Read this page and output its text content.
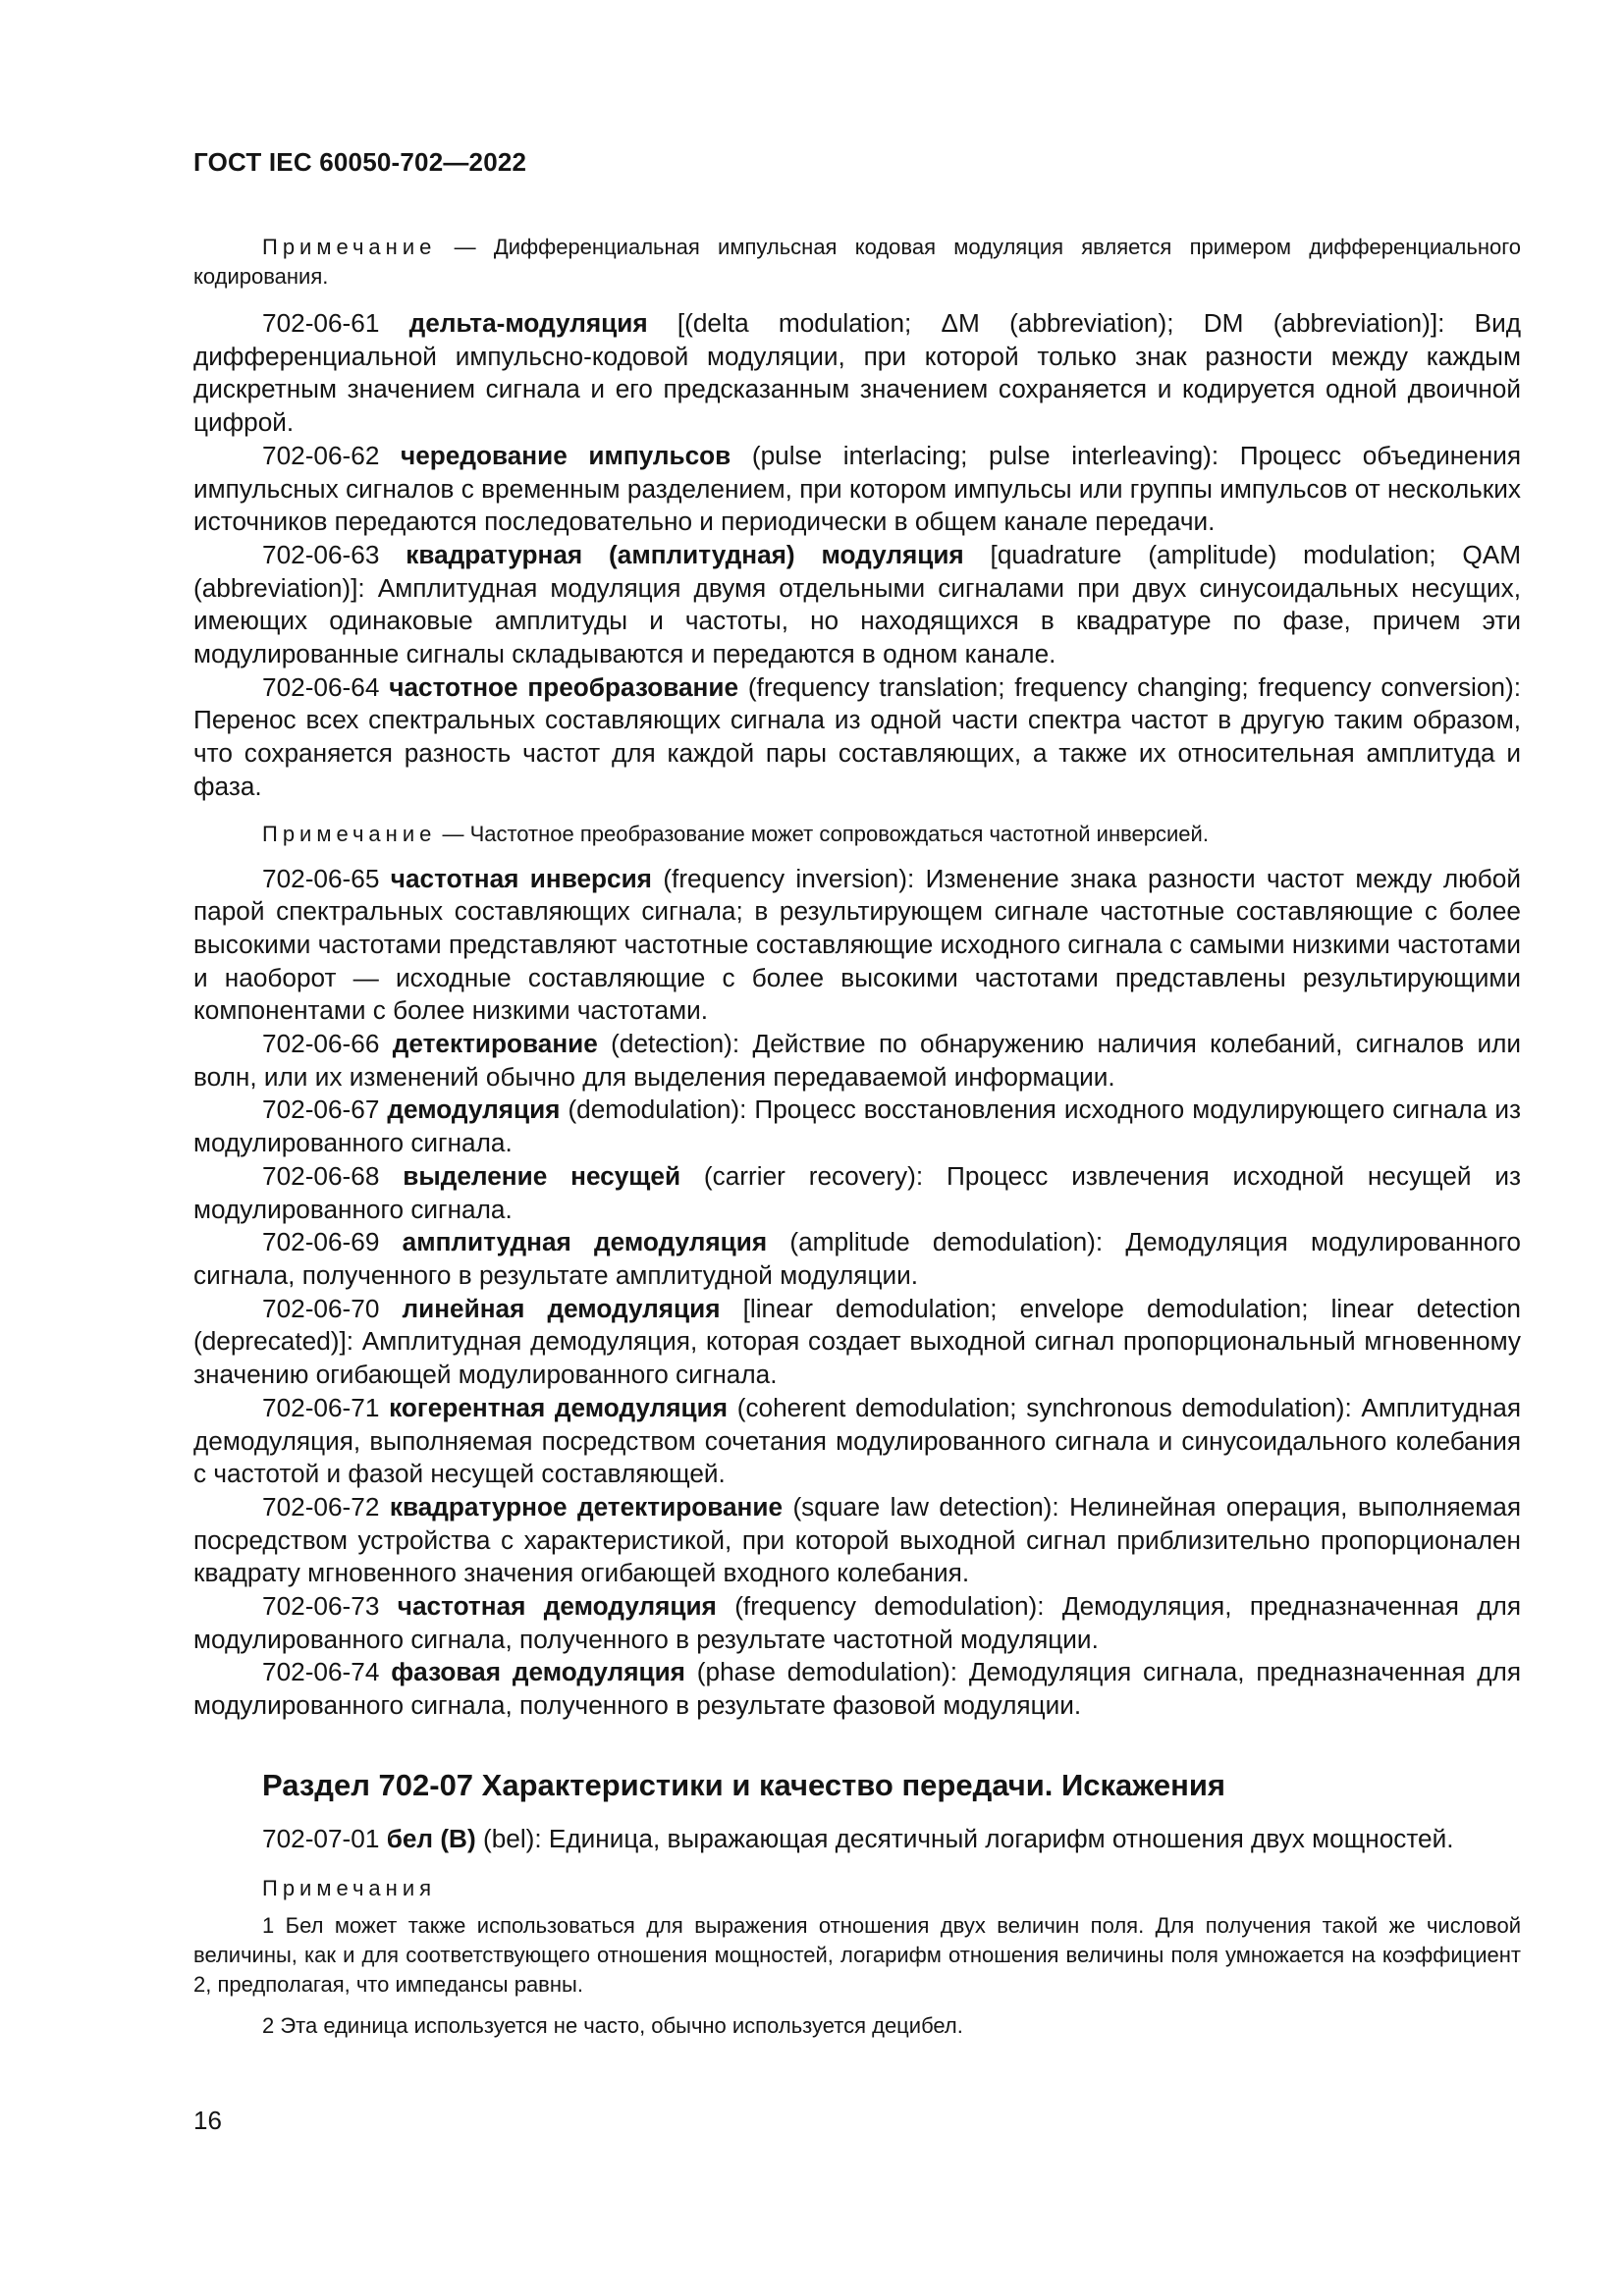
ГОСТ IEC 60050-702—2022

Примечание — Дифференциальная импульсная кодовая модуляция является примером дифференциального кодирования.

702-06-61 дельта-модуляция [(delta modulation; ΔM (abbreviation); DM (abbreviation)]: Вид дифференциальной импульсно-кодовой модуляции, при которой только знак разности между каждым дискретным значением сигнала и его предсказанным значением сохраняется и кодируется одной двоичной цифрой.

702-06-62 чередование импульсов (pulse interlacing; pulse interleaving): Процесс объединения импульсных сигналов с временным разделением, при котором импульсы или группы импульсов от нескольких источников передаются последовательно и периодически в общем канале передачи.

702-06-63 квадратурная (амплитудная) модуляция [quadrature (amplitude) modulation; QAM (abbreviation)]: Амплитудная модуляция двумя отдельными сигналами при двух синусоидальных несущих, имеющих одинаковые амплитуды и частоты, но находящихся в квадратуре по фазе, причем эти модулированные сигналы складываются и передаются в одном канале.

702-06-64 частотное преобразование (frequency translation; frequency changing; frequency conversion): Перенос всех спектральных составляющих сигнала из одной части спектра частот в другую таким образом, что сохраняется разность частот для каждой пары составляющих, а также их относительная амплитуда и фаза.

Примечание — Частотное преобразование может сопровождаться частотной инверсией.

702-06-65 частотная инверсия (frequency inversion): Изменение знака разности частот между любой парой спектральных составляющих сигнала; в результирующем сигнале частотные составляющие с более высокими частотами представляют частотные составляющие исходного сигнала с самыми низкими частотами и наоборот — исходные составляющие с более высокими частотами представлены результирующими компонентами с более низкими частотами.

702-06-66 детектирование (detection): Действие по обнаружению наличия колебаний, сигналов или волн, или их изменений обычно для выделения передаваемой информации.

702-06-67 демодуляция (demodulation): Процесс восстановления исходного модулирующего сигнала из модулированного сигнала.

702-06-68 выделение несущей (carrier recovery): Процесс извлечения исходной несущей из модулированного сигнала.

702-06-69 амплитудная демодуляция (amplitude demodulation): Демодуляция модулированного сигнала, полученного в результате амплитудной модуляции.

702-06-70 линейная демодуляция [linear demodulation; envelope demodulation; linear detection (deprecated)]: Амплитудная демодуляция, которая создает выходной сигнал пропорциональный мгновенному значению огибающей модулированного сигнала.

702-06-71 когерентная демодуляция (coherent demodulation; synchronous demodulation): Амплитудная демодуляция, выполняемая посредством сочетания модулированного сигнала и синусоидального колебания с частотой и фазой несущей составляющей.

702-06-72 квадратурное детектирование (square law detection): Нелинейная операция, выполняемая посредством устройства с характеристикой, при которой выходной сигнал приблизительно пропорционален квадрату мгновенного значения огибающей входного колебания.

702-06-73 частотная демодуляция (frequency demodulation): Демодуляция, предназначенная для модулированного сигнала, полученного в результате частотной модуляции.

702-06-74 фазовая демодуляция (phase demodulation): Демодуляция сигнала, предназначенная для модулированного сигнала, полученного в результате фазовой модуляции.

Раздел 702-07 Характеристики и качество передачи. Искажения

702-07-01 бел (В) (bel): Единица, выражающая десятичный логарифм отношения двух мощностей.

Примечания

1 Бел может также использоваться для выражения отношения двух величин поля. Для получения такой же числовой величины, как и для соответствующего отношения мощностей, логарифм отношения величины поля умножается на коэффициент 2, предполагая, что импедансы равны.

2 Эта единица используется не часто, обычно используется децибел.

16
